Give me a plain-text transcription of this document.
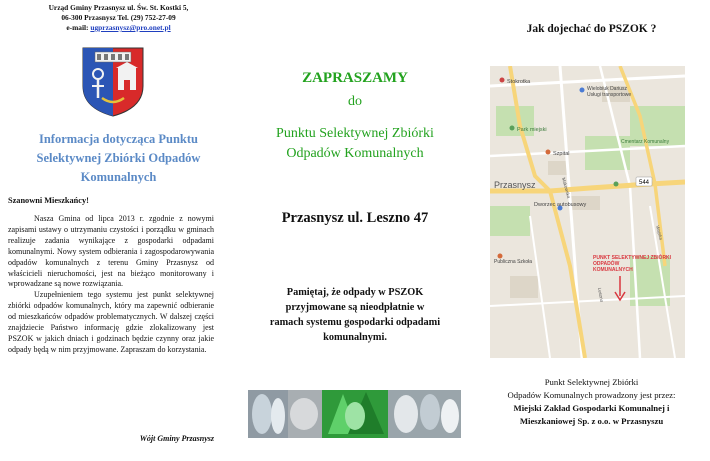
Urząd Gminy Przasnysz ul. Św. St. Kostki 5,
06-300 Przasnysz Tel. (29) 752-27-09
e-mail: ugprzasnysz@pro.onet.pl
Informacja dotycząca Punktu
Selektywnej Zbiórki Odpadów
Komunalnych
Szanowni Mieszkańcy!

Nasza Gmina od lipca 2013 r. zgodnie z nowymi zapisami ustawy o utrzymaniu czystości i porządku w gminach realizuje zadania wynikające z gospodarki odpadami komunalnymi. Nowy system odbierania i zagospodarowywania odpadów komunalnych z terenu Gminy Przasnysz od właścicieli nieruchomości, jest na bieżąco monitorowany i wprowadzane są nowe rozwiązania.

Uzupełnieniem tego systemu jest punkt selektywnej zbiórki odpadów komunalnych, który ma zapewnić odbieranie od mieszkańców odpadów problematycznych. W dalszej części znajdziecie Państwo informację gdzie zlokalizowany jest PSZOK w jakich dniach i godzinach będzie czynny oraz jakie odpady będą w nim przyjmowane. Zapraszam do korzystania.

Wójt Gminy Przasnysz
ZAPRASZAMY
do
Punktu Selektywnej Zbiórki
Odpadów Komunalnych
Przasnysz ul. Leszno 47
Pamiętaj, że odpady w PSZOK
przyjmowane są nieodpłatnie w
ramach systemu gospodarki odpadami
komunalnymi.
Jak dojechać do PSZOK ?
544
Stokrotka
Wielobiuk Dariusz
Usługi transportowe
Park miejski
Szpital
Cmentarz Komunalny
Przasnysz
Dworzec autobusowy
Publiczna Szkoła
Makowska
Leszno
Wojska
PUNKT SELEKTYWNEJ ZBIÓRKI
ODPADÓW
KOMUNALNYCH
Punkt Selektywnej Zbiórki
Odpadów Komunalnych prowadzony jest przez:
Miejski Zakład Gospodarki Komunalnej i
Mieszkaniowej Sp. z o.o. w Przasnyszu
